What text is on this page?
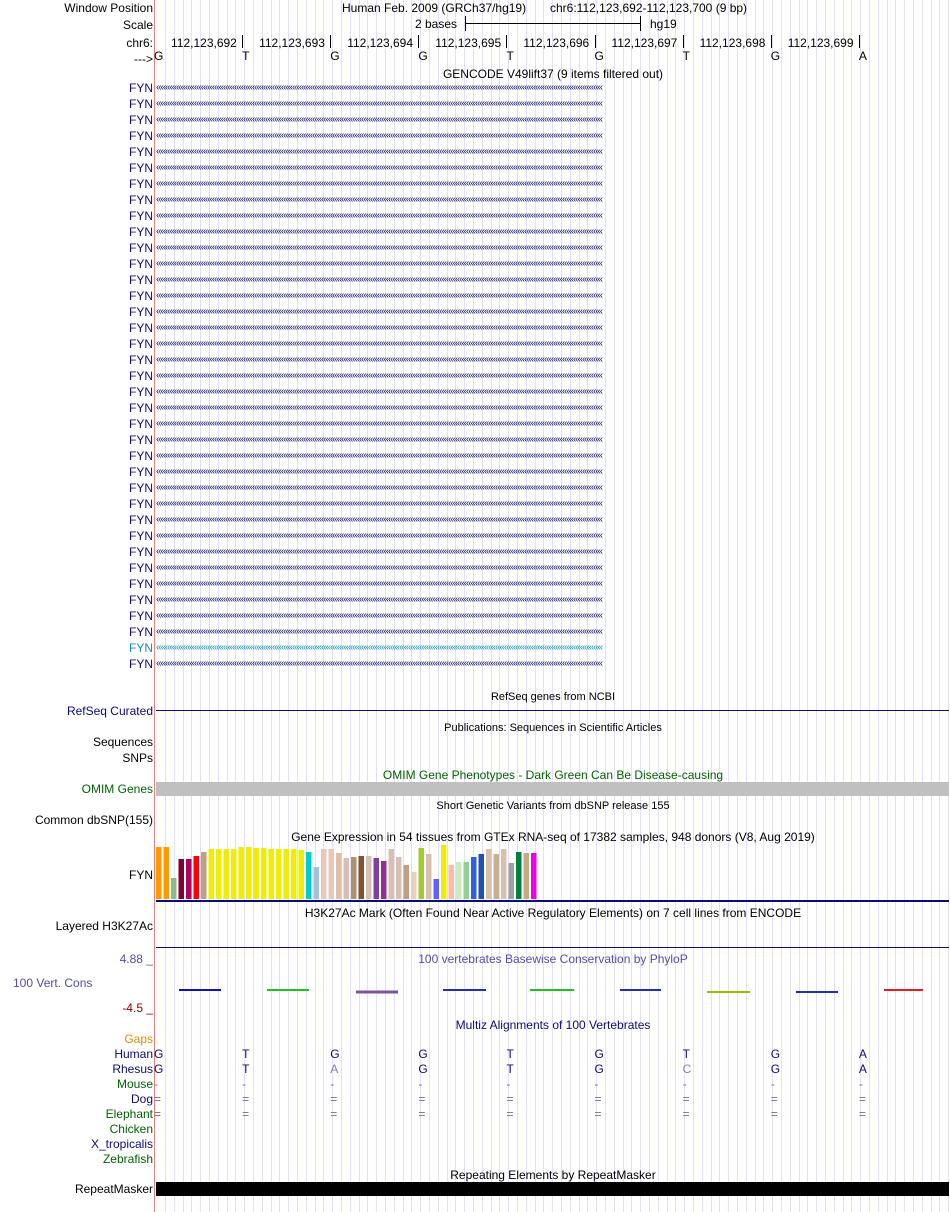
Window Position	Human Feb. 2009 (GRCh37/hg19) chr6:112,123,692-112,123,700 (9 bp)
Scale	2 bases	hg19
chr6: 112,123,692 112,123,693 112,123,694 112,123,695 112,123,696 112,123,697 112,123,698 112,123,699
---> G	T	G	G	T	G	T	G	A
GENCODE V49lift37 (9 items filtered out)
FYN ‹‹‹‹‹‹‹‹‹‹‹‹‹‹‹‹‹‹‹‹‹‹‹‹‹‹‹‹‹‹‹‹‹‹‹‹‹‹‹‹‹‹‹‹‹‹‹‹‹‹‹‹‹‹‹‹‹‹‹‹‹‹‹‹‹‹‹‹‹‹‹‹‹‹‹‹‹‹‹‹‹‹‹‹‹‹‹‹‹‹‹‹‹‹‹‹‹‹‹‹‹‹‹‹‹‹‹‹‹‹‹‹‹‹‹‹‹‹‹‹‹‹‹‹‹‹‹‹‹‹‹‹‹‹‹‹‹‹‹‹‹‹‹‹‹‹‹‹‹‹‹‹‹‹‹‹‹‹‹‹‹‹‹‹‹‹‹‹‹‹‹‹‹‹‹‹‹‹‹‹‹‹‹‹‹‹‹‹‹‹‹‹‹‹‹‹‹‹‹‹
FYN ‹‹‹‹‹‹‹‹‹‹‹‹‹‹‹‹‹‹‹‹‹‹‹‹‹‹‹‹‹‹‹‹‹‹‹‹‹‹‹‹‹‹‹‹‹‹‹‹‹‹‹‹‹‹‹‹‹‹‹‹‹‹‹‹‹‹‹‹‹‹‹‹‹‹‹‹‹‹‹‹‹‹‹‹‹‹‹‹‹‹‹‹‹‹‹‹‹‹‹‹‹‹‹‹‹‹‹‹‹‹‹‹‹‹‹‹‹‹‹‹‹‹‹‹‹‹‹‹‹‹‹‹‹‹‹‹‹‹‹‹‹‹‹‹‹‹‹‹‹‹‹‹‹‹‹‹‹‹‹‹‹‹‹‹‹‹‹‹‹‹‹‹‹‹‹‹‹‹‹‹‹‹‹‹‹‹‹‹‹‹‹‹‹‹‹‹‹‹‹‹
FYN ‹‹‹‹‹‹‹‹‹‹‹‹‹‹‹‹‹‹‹‹‹‹‹‹‹‹‹‹‹‹‹‹‹‹‹‹‹‹‹‹‹‹‹‹‹‹‹‹‹‹‹‹‹‹‹‹‹‹‹‹‹‹‹‹‹‹‹‹‹‹‹‹‹‹‹‹‹‹‹‹‹‹‹‹‹‹‹‹‹‹‹‹‹‹‹‹‹‹‹‹‹‹‹‹‹‹‹‹‹‹‹‹‹‹‹‹‹‹‹‹‹‹‹‹‹‹‹‹‹‹‹‹‹‹‹‹‹‹‹‹‹‹‹‹‹‹‹‹‹‹‹‹‹‹‹‹‹‹‹‹‹‹‹‹‹‹‹‹‹‹‹‹‹‹‹‹‹‹‹‹‹‹‹‹‹‹‹‹‹‹‹‹‹‹‹‹‹‹‹‹
FYN ‹‹‹‹‹‹‹‹‹‹‹‹‹‹‹‹‹‹‹‹‹‹‹‹‹‹‹‹‹‹‹‹‹‹‹‹‹‹‹‹‹‹‹‹‹‹‹‹‹‹‹‹‹‹‹‹‹‹‹‹‹‹‹‹‹‹‹‹‹‹‹‹‹‹‹‹‹‹‹‹‹‹‹‹‹‹‹‹‹‹‹‹‹‹‹‹‹‹‹‹‹‹‹‹‹‹‹‹‹‹‹‹‹‹‹‹‹‹‹‹‹‹‹‹‹‹‹‹‹‹‹‹‹‹‹‹‹‹‹‹‹‹‹‹‹‹‹‹‹‹‹‹‹‹‹‹‹‹‹‹‹‹‹‹‹‹‹‹‹‹‹‹‹‹‹‹‹‹‹‹‹‹‹‹‹‹‹‹‹‹‹‹‹‹‹‹‹‹‹‹
FYN ‹‹‹‹‹‹‹‹‹‹‹‹‹‹‹‹‹‹‹‹‹‹‹‹‹‹‹‹‹‹‹‹‹‹‹‹‹‹‹‹‹‹‹‹‹‹‹‹‹‹‹‹‹‹‹‹‹‹‹‹‹‹‹‹‹‹‹‹‹‹‹‹‹‹‹‹‹‹‹‹‹‹‹‹‹‹‹‹‹‹‹‹‹‹‹‹‹‹‹‹‹‹‹‹‹‹‹‹‹‹‹‹‹‹‹‹‹‹‹‹‹‹‹‹‹‹‹‹‹‹‹‹‹‹‹‹‹‹‹‹‹‹‹‹‹‹‹‹‹‹‹‹‹‹‹‹‹‹‹‹‹‹‹‹‹‹‹‹‹‹‹‹‹‹‹‹‹‹‹‹‹‹‹‹‹‹‹‹‹‹‹‹‹‹‹‹‹‹‹‹
FYN ‹‹‹‹‹‹‹‹‹‹‹‹‹‹‹‹‹‹‹‹‹‹‹‹‹‹‹‹‹‹‹‹‹‹‹‹‹‹‹‹‹‹‹‹‹‹‹‹‹‹‹‹‹‹‹‹‹‹‹‹‹‹‹‹‹‹‹‹‹‹‹‹‹‹‹‹‹‹‹‹‹‹‹‹‹‹‹‹‹‹‹‹‹‹‹‹‹‹‹‹‹‹‹‹‹‹‹‹‹‹‹‹‹‹‹‹‹‹‹‹‹‹‹‹‹‹‹‹‹‹‹‹‹‹‹‹‹‹‹‹‹‹‹‹‹‹‹‹‹‹‹‹‹‹‹‹‹‹‹‹‹‹‹‹‹‹‹‹‹‹‹‹‹‹‹‹‹‹‹‹‹‹‹‹‹‹‹‹‹‹‹‹‹‹‹‹‹‹‹‹
FYN ‹‹‹‹‹‹‹‹‹‹‹‹‹‹‹‹‹‹‹‹‹‹‹‹‹‹‹‹‹‹‹‹‹‹‹‹‹‹‹‹‹‹‹‹‹‹‹‹‹‹‹‹‹‹‹‹‹‹‹‹‹‹‹‹‹‹‹‹‹‹‹‹‹‹‹‹‹‹‹‹‹‹‹‹‹‹‹‹‹‹‹‹‹‹‹‹‹‹‹‹‹‹‹‹‹‹‹‹‹‹‹‹‹‹‹‹‹‹‹‹‹‹‹‹‹‹‹‹‹‹‹‹‹‹‹‹‹‹‹‹‹‹‹‹‹‹‹‹‹‹‹‹‹‹‹‹‹‹‹‹‹‹‹‹‹‹‹‹‹‹‹‹‹‹‹‹‹‹‹‹‹‹‹‹‹‹‹‹‹‹‹‹‹‹‹‹‹‹‹‹
FYN ‹‹‹‹‹‹‹‹‹‹‹‹‹‹‹‹‹‹‹‹‹‹‹‹‹‹‹‹‹‹‹‹‹‹‹‹‹‹‹‹‹‹‹‹‹‹‹‹‹‹‹‹‹‹‹‹‹‹‹‹‹‹‹‹‹‹‹‹‹‹‹‹‹‹‹‹‹‹‹‹‹‹‹‹‹‹‹‹‹‹‹‹‹‹‹‹‹‹‹‹‹‹‹‹‹‹‹‹‹‹‹‹‹‹‹‹‹‹‹‹‹‹‹‹‹‹‹‹‹‹‹‹‹‹‹‹‹‹‹‹‹‹‹‹‹‹‹‹‹‹‹‹‹‹‹‹‹‹‹‹‹‹‹‹‹‹‹‹‹‹‹‹‹‹‹‹‹‹‹‹‹‹‹‹‹‹‹‹‹‹‹‹‹‹‹‹‹‹‹‹
FYN ‹‹‹‹‹‹‹‹‹‹‹‹‹‹‹‹‹‹‹‹‹‹‹‹‹‹‹‹‹‹‹‹‹‹‹‹‹‹‹‹‹‹‹‹‹‹‹‹‹‹‹‹‹‹‹‹‹‹‹‹‹‹‹‹‹‹‹‹‹‹‹‹‹‹‹‹‹‹‹‹‹‹‹‹‹‹‹‹‹‹‹‹‹‹‹‹‹‹‹‹‹‹‹‹‹‹‹‹‹‹‹‹‹‹‹‹‹‹‹‹‹‹‹‹‹‹‹‹‹‹‹‹‹‹‹‹‹‹‹‹‹‹‹‹‹‹‹‹‹‹‹‹‹‹‹‹‹‹‹‹‹‹‹‹‹‹‹‹‹‹‹‹‹‹‹‹‹‹‹‹‹‹‹‹‹‹‹‹‹‹‹‹‹‹‹‹‹‹‹‹
FYN ‹‹‹‹‹‹‹‹‹‹‹‹‹‹‹‹‹‹‹‹‹‹‹‹‹‹‹‹‹‹‹‹‹‹‹‹‹‹‹‹‹‹‹‹‹‹‹‹‹‹‹‹‹‹‹‹‹‹‹‹‹‹‹‹‹‹‹‹‹‹‹‹‹‹‹‹‹‹‹‹‹‹‹‹‹‹‹‹‹‹‹‹‹‹‹‹‹‹‹‹‹‹‹‹‹‹‹‹‹‹‹‹‹‹‹‹‹‹‹‹‹‹‹‹‹‹‹‹‹‹‹‹‹‹‹‹‹‹‹‹‹‹‹‹‹‹‹‹‹‹‹‹‹‹‹‹‹‹‹‹‹‹‹‹‹‹‹‹‹‹‹‹‹‹‹‹‹‹‹‹‹‹‹‹‹‹‹‹‹‹‹‹‹‹‹‹‹‹‹‹
FYN ‹‹‹‹‹‹‹‹‹‹‹‹‹‹‹‹‹‹‹‹‹‹‹‹‹‹‹‹‹‹‹‹‹‹‹‹‹‹‹‹‹‹‹‹‹‹‹‹‹‹‹‹‹‹‹‹‹‹‹‹‹‹‹‹‹‹‹‹‹‹‹‹‹‹‹‹‹‹‹‹‹‹‹‹‹‹‹‹‹‹‹‹‹‹‹‹‹‹‹‹‹‹‹‹‹‹‹‹‹‹‹‹‹‹‹‹‹‹‹‹‹‹‹‹‹‹‹‹‹‹‹‹‹‹‹‹‹‹‹‹‹‹‹‹‹‹‹‹‹‹‹‹‹‹‹‹‹‹‹‹‹‹‹‹‹‹‹‹‹‹‹‹‹‹‹‹‹‹‹‹‹‹‹‹‹‹‹‹‹‹‹‹‹‹‹‹‹‹‹‹
FYN ‹‹‹‹‹‹‹‹‹‹‹‹‹‹‹‹‹‹‹‹‹‹‹‹‹‹‹‹‹‹‹‹‹‹‹‹‹‹‹‹‹‹‹‹‹‹‹‹‹‹‹‹‹‹‹‹‹‹‹‹‹‹‹‹‹‹‹‹‹‹‹‹‹‹‹‹‹‹‹‹‹‹‹‹‹‹‹‹‹‹‹‹‹‹‹‹‹‹‹‹‹‹‹‹‹‹‹‹‹‹‹‹‹‹‹‹‹‹‹‹‹‹‹‹‹‹‹‹‹‹‹‹‹‹‹‹‹‹‹‹‹‹‹‹‹‹‹‹‹‹‹‹‹‹‹‹‹‹‹‹‹‹‹‹‹‹‹‹‹‹‹‹‹‹‹‹‹‹‹‹‹‹‹‹‹‹‹‹‹‹‹‹‹‹‹‹‹‹‹‹
FYN ‹‹‹‹‹‹‹‹‹‹‹‹‹‹‹‹‹‹‹‹‹‹‹‹‹‹‹‹‹‹‹‹‹‹‹‹‹‹‹‹‹‹‹‹‹‹‹‹‹‹‹‹‹‹‹‹‹‹‹‹‹‹‹‹‹‹‹‹‹‹‹‹‹‹‹‹‹‹‹‹‹‹‹‹‹‹‹‹‹‹‹‹‹‹‹‹‹‹‹‹‹‹‹‹‹‹‹‹‹‹‹‹‹‹‹‹‹‹‹‹‹‹‹‹‹‹‹‹‹‹‹‹‹‹‹‹‹‹‹‹‹‹‹‹‹‹‹‹‹‹‹‹‹‹‹‹‹‹‹‹‹‹‹‹‹‹‹‹‹‹‹‹‹‹‹‹‹‹‹‹‹‹‹‹‹‹‹‹‹‹‹‹‹‹‹‹‹‹‹‹
FYN ‹‹‹‹‹‹‹‹‹‹‹‹‹‹‹‹‹‹‹‹‹‹‹‹‹‹‹‹‹‹‹‹‹‹‹‹‹‹‹‹‹‹‹‹‹‹‹‹‹‹‹‹‹‹‹‹‹‹‹‹‹‹‹‹‹‹‹‹‹‹‹‹‹‹‹‹‹‹‹‹‹‹‹‹‹‹‹‹‹‹‹‹‹‹‹‹‹‹‹‹‹‹‹‹‹‹‹‹‹‹‹‹‹‹‹‹‹‹‹‹‹‹‹‹‹‹‹‹‹‹‹‹‹‹‹‹‹‹‹‹‹‹‹‹‹‹‹‹‹‹‹‹‹‹‹‹‹‹‹‹‹‹‹‹‹‹‹‹‹‹‹‹‹‹‹‹‹‹‹‹‹‹‹‹‹‹‹‹‹‹‹‹‹‹‹‹‹‹‹‹
FYN ‹‹‹‹‹‹‹‹‹‹‹‹‹‹‹‹‹‹‹‹‹‹‹‹‹‹‹‹‹‹‹‹‹‹‹‹‹‹‹‹‹‹‹‹‹‹‹‹‹‹‹‹‹‹‹‹‹‹‹‹‹‹‹‹‹‹‹‹‹‹‹‹‹‹‹‹‹‹‹‹‹‹‹‹‹‹‹‹‹‹‹‹‹‹‹‹‹‹‹‹‹‹‹‹‹‹‹‹‹‹‹‹‹‹‹‹‹‹‹‹‹‹‹‹‹‹‹‹‹‹‹‹‹‹‹‹‹‹‹‹‹‹‹‹‹‹‹‹‹‹‹‹‹‹‹‹‹‹‹‹‹‹‹‹‹‹‹‹‹‹‹‹‹‹‹‹‹‹‹‹‹‹‹‹‹‹‹‹‹‹‹‹‹‹‹‹‹‹‹‹
FYN ‹‹‹‹‹‹‹‹‹‹‹‹‹‹‹‹‹‹‹‹‹‹‹‹‹‹‹‹‹‹‹‹‹‹‹‹‹‹‹‹‹‹‹‹‹‹‹‹‹‹‹‹‹‹‹‹‹‹‹‹‹‹‹‹‹‹‹‹‹‹‹‹‹‹‹‹‹‹‹‹‹‹‹‹‹‹‹‹‹‹‹‹‹‹‹‹‹‹‹‹‹‹‹‹‹‹‹‹‹‹‹‹‹‹‹‹‹‹‹‹‹‹‹‹‹‹‹‹‹‹‹‹‹‹‹‹‹‹‹‹‹‹‹‹‹‹‹‹‹‹‹‹‹‹‹‹‹‹‹‹‹‹‹‹‹‹‹‹‹‹‹‹‹‹‹‹‹‹‹‹‹‹‹‹‹‹‹‹‹‹‹‹‹‹‹‹‹‹‹‹
FYN ‹‹‹‹‹‹‹‹‹‹‹‹‹‹‹‹‹‹‹‹‹‹‹‹‹‹‹‹‹‹‹‹‹‹‹‹‹‹‹‹‹‹‹‹‹‹‹‹‹‹‹‹‹‹‹‹‹‹‹‹‹‹‹‹‹‹‹‹‹‹‹‹‹‹‹‹‹‹‹‹‹‹‹‹‹‹‹‹‹‹‹‹‹‹‹‹‹‹‹‹‹‹‹‹‹‹‹‹‹‹‹‹‹‹‹‹‹‹‹‹‹‹‹‹‹‹‹‹‹‹‹‹‹‹‹‹‹‹‹‹‹‹‹‹‹‹‹‹‹‹‹‹‹‹‹‹‹‹‹‹‹‹‹‹‹‹‹‹‹‹‹‹‹‹‹‹‹‹‹‹‹‹‹‹‹‹‹‹‹‹‹‹‹‹‹‹‹‹‹‹
FYN ‹‹‹‹‹‹‹‹‹‹‹‹‹‹‹‹‹‹‹‹‹‹‹‹‹‹‹‹‹‹‹‹‹‹‹‹‹‹‹‹‹‹‹‹‹‹‹‹‹‹‹‹‹‹‹‹‹‹‹‹‹‹‹‹‹‹‹‹‹‹‹‹‹‹‹‹‹‹‹‹‹‹‹‹‹‹‹‹‹‹‹‹‹‹‹‹‹‹‹‹‹‹‹‹‹‹‹‹‹‹‹‹‹‹‹‹‹‹‹‹‹‹‹‹‹‹‹‹‹‹‹‹‹‹‹‹‹‹‹‹‹‹‹‹‹‹‹‹‹‹‹‹‹‹‹‹‹‹‹‹‹‹‹‹‹‹‹‹‹‹‹‹‹‹‹‹‹‹‹‹‹‹‹‹‹‹‹‹‹‹‹‹‹‹‹‹‹‹‹‹
FYN ‹‹‹‹‹‹‹‹‹‹‹‹‹‹‹‹‹‹‹‹‹‹‹‹‹‹‹‹‹‹‹‹‹‹‹‹‹‹‹‹‹‹‹‹‹‹‹‹‹‹‹‹‹‹‹‹‹‹‹‹‹‹‹‹‹‹‹‹‹‹‹‹‹‹‹‹‹‹‹‹‹‹‹‹‹‹‹‹‹‹‹‹‹‹‹‹‹‹‹‹‹‹‹‹‹‹‹‹‹‹‹‹‹‹‹‹‹‹‹‹‹‹‹‹‹‹‹‹‹‹‹‹‹‹‹‹‹‹‹‹‹‹‹‹‹‹‹‹‹‹‹‹‹‹‹‹‹‹‹‹‹‹‹‹‹‹‹‹‹‹‹‹‹‹‹‹‹‹‹‹‹‹‹‹‹‹‹‹‹‹‹‹‹‹‹‹‹‹‹‹
FYN ‹‹‹‹‹‹‹‹‹‹‹‹‹‹‹‹‹‹‹‹‹‹‹‹‹‹‹‹‹‹‹‹‹‹‹‹‹‹‹‹‹‹‹‹‹‹‹‹‹‹‹‹‹‹‹‹‹‹‹‹‹‹‹‹‹‹‹‹‹‹‹‹‹‹‹‹‹‹‹‹‹‹‹‹‹‹‹‹‹‹‹‹‹‹‹‹‹‹‹‹‹‹‹‹‹‹‹‹‹‹‹‹‹‹‹‹‹‹‹‹‹‹‹‹‹‹‹‹‹‹‹‹‹‹‹‹‹‹‹‹‹‹‹‹‹‹‹‹‹‹‹‹‹‹‹‹‹‹‹‹‹‹‹‹‹‹‹‹‹‹‹‹‹‹‹‹‹‹‹‹‹‹‹‹‹‹‹‹‹‹‹‹‹‹‹‹‹‹‹‹
FYN ‹‹‹‹‹‹‹‹‹‹‹‹‹‹‹‹‹‹‹‹‹‹‹‹‹‹‹‹‹‹‹‹‹‹‹‹‹‹‹‹‹‹‹‹‹‹‹‹‹‹‹‹‹‹‹‹‹‹‹‹‹‹‹‹‹‹‹‹‹‹‹‹‹‹‹‹‹‹‹‹‹‹‹‹‹‹‹‹‹‹‹‹‹‹‹‹‹‹‹‹‹‹‹‹‹‹‹‹‹‹‹‹‹‹‹‹‹‹‹‹‹‹‹‹‹‹‹‹‹‹‹‹‹‹‹‹‹‹‹‹‹‹‹‹‹‹‹‹‹‹‹‹‹‹‹‹‹‹‹‹‹‹‹‹‹‹‹‹‹‹‹‹‹‹‹‹‹‹‹‹‹‹‹‹‹‹‹‹‹‹‹‹‹‹‹‹‹‹‹‹
FYN ‹‹‹‹‹‹‹‹‹‹‹‹‹‹‹‹‹‹‹‹‹‹‹‹‹‹‹‹‹‹‹‹‹‹‹‹‹‹‹‹‹‹‹‹‹‹‹‹‹‹‹‹‹‹‹‹‹‹‹‹‹‹‹‹‹‹‹‹‹‹‹‹‹‹‹‹‹‹‹‹‹‹‹‹‹‹‹‹‹‹‹‹‹‹‹‹‹‹‹‹‹‹‹‹‹‹‹‹‹‹‹‹‹‹‹‹‹‹‹‹‹‹‹‹‹‹‹‹‹‹‹‹‹‹‹‹‹‹‹‹‹‹‹‹‹‹‹‹‹‹‹‹‹‹‹‹‹‹‹‹‹‹‹‹‹‹‹‹‹‹‹‹‹‹‹‹‹‹‹‹‹‹‹‹‹‹‹‹‹‹‹‹‹‹‹‹‹‹‹‹
FYN ‹‹‹‹‹‹‹‹‹‹‹‹‹‹‹‹‹‹‹‹‹‹‹‹‹‹‹‹‹‹‹‹‹‹‹‹‹‹‹‹‹‹‹‹‹‹‹‹‹‹‹‹‹‹‹‹‹‹‹‹‹‹‹‹‹‹‹‹‹‹‹‹‹‹‹‹‹‹‹‹‹‹‹‹‹‹‹‹‹‹‹‹‹‹‹‹‹‹‹‹‹‹‹‹‹‹‹‹‹‹‹‹‹‹‹‹‹‹‹‹‹‹‹‹‹‹‹‹‹‹‹‹‹‹‹‹‹‹‹‹‹‹‹‹‹‹‹‹‹‹‹‹‹‹‹‹‹‹‹‹‹‹‹‹‹‹‹‹‹‹‹‹‹‹‹‹‹‹‹‹‹‹‹‹‹‹‹‹‹‹‹‹‹‹‹‹‹‹‹‹
FYN ‹‹‹‹‹‹‹‹‹‹‹‹‹‹‹‹‹‹‹‹‹‹‹‹‹‹‹‹‹‹‹‹‹‹‹‹‹‹‹‹‹‹‹‹‹‹‹‹‹‹‹‹‹‹‹‹‹‹‹‹‹‹‹‹‹‹‹‹‹‹‹‹‹‹‹‹‹‹‹‹‹‹‹‹‹‹‹‹‹‹‹‹‹‹‹‹‹‹‹‹‹‹‹‹‹‹‹‹‹‹‹‹‹‹‹‹‹‹‹‹‹‹‹‹‹‹‹‹‹‹‹‹‹‹‹‹‹‹‹‹‹‹‹‹‹‹‹‹‹‹‹‹‹‹‹‹‹‹‹‹‹‹‹‹‹‹‹‹‹‹‹‹‹‹‹‹‹‹‹‹‹‹‹‹‹‹‹‹‹‹‹‹‹‹‹‹‹‹‹‹
FYN ‹‹‹‹‹‹‹‹‹‹‹‹‹‹‹‹‹‹‹‹‹‹‹‹‹‹‹‹‹‹‹‹‹‹‹‹‹‹‹‹‹‹‹‹‹‹‹‹‹‹‹‹‹‹‹‹‹‹‹‹‹‹‹‹‹‹‹‹‹‹‹‹‹‹‹‹‹‹‹‹‹‹‹‹‹‹‹‹‹‹‹‹‹‹‹‹‹‹‹‹‹‹‹‹‹‹‹‹‹‹‹‹‹‹‹‹‹‹‹‹‹‹‹‹‹‹‹‹‹‹‹‹‹‹‹‹‹‹‹‹‹‹‹‹‹‹‹‹‹‹‹‹‹‹‹‹‹‹‹‹‹‹‹‹‹‹‹‹‹‹‹‹‹‹‹‹‹‹‹‹‹‹‹‹‹‹‹‹‹‹‹‹‹‹‹‹‹‹‹‹
FYN ‹‹‹‹‹‹‹‹‹‹‹‹‹‹‹‹‹‹‹‹‹‹‹‹‹‹‹‹‹‹‹‹‹‹‹‹‹‹‹‹‹‹‹‹‹‹‹‹‹‹‹‹‹‹‹‹‹‹‹‹‹‹‹‹‹‹‹‹‹‹‹‹‹‹‹‹‹‹‹‹‹‹‹‹‹‹‹‹‹‹‹‹‹‹‹‹‹‹‹‹‹‹‹‹‹‹‹‹‹‹‹‹‹‹‹‹‹‹‹‹‹‹‹‹‹‹‹‹‹‹‹‹‹‹‹‹‹‹‹‹‹‹‹‹‹‹‹‹‹‹‹‹‹‹‹‹‹‹‹‹‹‹‹‹‹‹‹‹‹‹‹‹‹‹‹‹‹‹‹‹‹‹‹‹‹‹‹‹‹‹‹‹‹‹‹‹‹‹‹‹
FYN ‹‹‹‹‹‹‹‹‹‹‹‹‹‹‹‹‹‹‹‹‹‹‹‹‹‹‹‹‹‹‹‹‹‹‹‹‹‹‹‹‹‹‹‹‹‹‹‹‹‹‹‹‹‹‹‹‹‹‹‹‹‹‹‹‹‹‹‹‹‹‹‹‹‹‹‹‹‹‹‹‹‹‹‹‹‹‹‹‹‹‹‹‹‹‹‹‹‹‹‹‹‹‹‹‹‹‹‹‹‹‹‹‹‹‹‹‹‹‹‹‹‹‹‹‹‹‹‹‹‹‹‹‹‹‹‹‹‹‹‹‹‹‹‹‹‹‹‹‹‹‹‹‹‹‹‹‹‹‹‹‹‹‹‹‹‹‹‹‹‹‹‹‹‹‹‹‹‹‹‹‹‹‹‹‹‹‹‹‹‹‹‹‹‹‹‹‹‹‹‹
FYN ‹‹‹‹‹‹‹‹‹‹‹‹‹‹‹‹‹‹‹‹‹‹‹‹‹‹‹‹‹‹‹‹‹‹‹‹‹‹‹‹‹‹‹‹‹‹‹‹‹‹‹‹‹‹‹‹‹‹‹‹‹‹‹‹‹‹‹‹‹‹‹‹‹‹‹‹‹‹‹‹‹‹‹‹‹‹‹‹‹‹‹‹‹‹‹‹‹‹‹‹‹‹‹‹‹‹‹‹‹‹‹‹‹‹‹‹‹‹‹‹‹‹‹‹‹‹‹‹‹‹‹‹‹‹‹‹‹‹‹‹‹‹‹‹‹‹‹‹‹‹‹‹‹‹‹‹‹‹‹‹‹‹‹‹‹‹‹‹‹‹‹‹‹‹‹‹‹‹‹‹‹‹‹‹‹‹‹‹‹‹‹‹‹‹‹‹‹‹‹‹
FYN ‹‹‹‹‹‹‹‹‹‹‹‹‹‹‹‹‹‹‹‹‹‹‹‹‹‹‹‹‹‹‹‹‹‹‹‹‹‹‹‹‹‹‹‹‹‹‹‹‹‹‹‹‹‹‹‹‹‹‹‹‹‹‹‹‹‹‹‹‹‹‹‹‹‹‹‹‹‹‹‹‹‹‹‹‹‹‹‹‹‹‹‹‹‹‹‹‹‹‹‹‹‹‹‹‹‹‹‹‹‹‹‹‹‹‹‹‹‹‹‹‹‹‹‹‹‹‹‹‹‹‹‹‹‹‹‹‹‹‹‹‹‹‹‹‹‹‹‹‹‹‹‹‹‹‹‹‹‹‹‹‹‹‹‹‹‹‹‹‹‹‹‹‹‹‹‹‹‹‹‹‹‹‹‹‹‹‹‹‹‹‹‹‹‹‹‹‹‹‹‹
FYN ‹‹‹‹‹‹‹‹‹‹‹‹‹‹‹‹‹‹‹‹‹‹‹‹‹‹‹‹‹‹‹‹‹‹‹‹‹‹‹‹‹‹‹‹‹‹‹‹‹‹‹‹‹‹‹‹‹‹‹‹‹‹‹‹‹‹‹‹‹‹‹‹‹‹‹‹‹‹‹‹‹‹‹‹‹‹‹‹‹‹‹‹‹‹‹‹‹‹‹‹‹‹‹‹‹‹‹‹‹‹‹‹‹‹‹‹‹‹‹‹‹‹‹‹‹‹‹‹‹‹‹‹‹‹‹‹‹‹‹‹‹‹‹‹‹‹‹‹‹‹‹‹‹‹‹‹‹‹‹‹‹‹‹‹‹‹‹‹‹‹‹‹‹‹‹‹‹‹‹‹‹‹‹‹‹‹‹‹‹‹‹‹‹‹‹‹‹‹‹‹
FYN ‹‹‹‹‹‹‹‹‹‹‹‹‹‹‹‹‹‹‹‹‹‹‹‹‹‹‹‹‹‹‹‹‹‹‹‹‹‹‹‹‹‹‹‹‹‹‹‹‹‹‹‹‹‹‹‹‹‹‹‹‹‹‹‹‹‹‹‹‹‹‹‹‹‹‹‹‹‹‹‹‹‹‹‹‹‹‹‹‹‹‹‹‹‹‹‹‹‹‹‹‹‹‹‹‹‹‹‹‹‹‹‹‹‹‹‹‹‹‹‹‹‹‹‹‹‹‹‹‹‹‹‹‹‹‹‹‹‹‹‹‹‹‹‹‹‹‹‹‹‹‹‹‹‹‹‹‹‹‹‹‹‹‹‹‹‹‹‹‹‹‹‹‹‹‹‹‹‹‹‹‹‹‹‹‹‹‹‹‹‹‹‹‹‹‹‹‹‹‹‹
FYN ‹‹‹‹‹‹‹‹‹‹‹‹‹‹‹‹‹‹‹‹‹‹‹‹‹‹‹‹‹‹‹‹‹‹‹‹‹‹‹‹‹‹‹‹‹‹‹‹‹‹‹‹‹‹‹‹‹‹‹‹‹‹‹‹‹‹‹‹‹‹‹‹‹‹‹‹‹‹‹‹‹‹‹‹‹‹‹‹‹‹‹‹‹‹‹‹‹‹‹‹‹‹‹‹‹‹‹‹‹‹‹‹‹‹‹‹‹‹‹‹‹‹‹‹‹‹‹‹‹‹‹‹‹‹‹‹‹‹‹‹‹‹‹‹‹‹‹‹‹‹‹‹‹‹‹‹‹‹‹‹‹‹‹‹‹‹‹‹‹‹‹‹‹‹‹‹‹‹‹‹‹‹‹‹‹‹‹‹‹‹‹‹‹‹‹‹‹‹‹‹
FYN ‹‹‹‹‹‹‹‹‹‹‹‹‹‹‹‹‹‹‹‹‹‹‹‹‹‹‹‹‹‹‹‹‹‹‹‹‹‹‹‹‹‹‹‹‹‹‹‹‹‹‹‹‹‹‹‹‹‹‹‹‹‹‹‹‹‹‹‹‹‹‹‹‹‹‹‹‹‹‹‹‹‹‹‹‹‹‹‹‹‹‹‹‹‹‹‹‹‹‹‹‹‹‹‹‹‹‹‹‹‹‹‹‹‹‹‹‹‹‹‹‹‹‹‹‹‹‹‹‹‹‹‹‹‹‹‹‹‹‹‹‹‹‹‹‹‹‹‹‹‹‹‹‹‹‹‹‹‹‹‹‹‹‹‹‹‹‹‹‹‹‹‹‹‹‹‹‹‹‹‹‹‹‹‹‹‹‹‹‹‹‹‹‹‹‹‹‹‹‹‹
FYN ‹‹‹‹‹‹‹‹‹‹‹‹‹‹‹‹‹‹‹‹‹‹‹‹‹‹‹‹‹‹‹‹‹‹‹‹‹‹‹‹‹‹‹‹‹‹‹‹‹‹‹‹‹‹‹‹‹‹‹‹‹‹‹‹‹‹‹‹‹‹‹‹‹‹‹‹‹‹‹‹‹‹‹‹‹‹‹‹‹‹‹‹‹‹‹‹‹‹‹‹‹‹‹‹‹‹‹‹‹‹‹‹‹‹‹‹‹‹‹‹‹‹‹‹‹‹‹‹‹‹‹‹‹‹‹‹‹‹‹‹‹‹‹‹‹‹‹‹‹‹‹‹‹‹‹‹‹‹‹‹‹‹‹‹‹‹‹‹‹‹‹‹‹‹‹‹‹‹‹‹‹‹‹‹‹‹‹‹‹‹‹‹‹‹‹‹‹‹‹‹
FYN ‹‹‹‹‹‹‹‹‹‹‹‹‹‹‹‹‹‹‹‹‹‹‹‹‹‹‹‹‹‹‹‹‹‹‹‹‹‹‹‹‹‹‹‹‹‹‹‹‹‹‹‹‹‹‹‹‹‹‹‹‹‹‹‹‹‹‹‹‹‹‹‹‹‹‹‹‹‹‹‹‹‹‹‹‹‹‹‹‹‹‹‹‹‹‹‹‹‹‹‹‹‹‹‹‹‹‹‹‹‹‹‹‹‹‹‹‹‹‹‹‹‹‹‹‹‹‹‹‹‹‹‹‹‹‹‹‹‹‹‹‹‹‹‹‹‹‹‹‹‹‹‹‹‹‹‹‹‹‹‹‹‹‹‹‹‹‹‹‹‹‹‹‹‹‹‹‹‹‹‹‹‹‹‹‹‹‹‹‹‹‹‹‹‹‹‹‹‹‹‹
FYN ‹‹‹‹‹‹‹‹‹‹‹‹‹‹‹‹‹‹‹‹‹‹‹‹‹‹‹‹‹‹‹‹‹‹‹‹‹‹‹‹‹‹‹‹‹‹‹‹‹‹‹‹‹‹‹‹‹‹‹‹‹‹‹‹‹‹‹‹‹‹‹‹‹‹‹‹‹‹‹‹‹‹‹‹‹‹‹‹‹‹‹‹‹‹‹‹‹‹‹‹‹‹‹‹‹‹‹‹‹‹‹‹‹‹‹‹‹‹‹‹‹‹‹‹‹‹‹‹‹‹‹‹‹‹‹‹‹‹‹‹‹‹‹‹‹‹‹‹‹‹‹‹‹‹‹‹‹‹‹‹‹‹‹‹‹‹‹‹‹‹‹‹‹‹‹‹‹‹‹‹‹‹‹‹‹‹‹‹‹‹‹‹‹‹‹‹‹‹‹‹
FYN ‹‹‹‹‹‹‹‹‹‹‹‹‹‹‹‹‹‹‹‹‹‹‹‹‹‹‹‹‹‹‹‹‹‹‹‹‹‹‹‹‹‹‹‹‹‹‹‹‹‹‹‹‹‹‹‹‹‹‹‹‹‹‹‹‹‹‹‹‹‹‹‹‹‹‹‹‹‹‹‹‹‹‹‹‹‹‹‹‹‹‹‹‹‹‹‹‹‹‹‹‹‹‹‹‹‹‹‹‹‹‹‹‹‹‹‹‹‹‹‹‹‹‹‹‹‹‹‹‹‹‹‹‹‹‹‹‹‹‹‹‹‹‹‹‹‹‹‹‹‹‹‹‹‹‹‹‹‹‹‹‹‹‹‹‹‹‹‹‹‹‹‹‹‹‹‹‹‹‹‹‹‹‹‹‹‹‹‹‹‹‹‹‹‹‹‹‹‹‹‹
RefSeq genes from NCBI
RefSeq Curated
Publications: Sequences in Scientific Articles
Sequences
SNPs
OMIM Gene Phenotypes - Dark Green Can Be Disease-causing
OMIM Genes
Short Genetic Variants from dbSNP release 155
Common dbSNP(155)
Gene Expression in 54 tissues from GTEx RNA-seq of 17382 samples, 948 donors (V8, Aug 2019)
FYN
H3K27Ac Mark (Often Found Near Active Regulatory Elements) on 7 cell lines from ENCODE
Layered H3K27Ac
100 vertebrates Basewise Conservation by PhyloP
4.88 _
100 Vert. Cons
-4.5 _
Multiz Alignments of 100 Vertebrates
Gaps
Human G	T	G	G	T	G	T	G	A
Rhesus G	T	A	G	T	G	C	G	A
Mouse -	-	-	-	-	-	-	-	-
Dog =	=	=	=	=	=	=	=	=
Elephant =	=	=	=	=	=	=	=	=
Chicken
X_tropicalis
Zebrafish
Repeating Elements by RepeatMasker
RepeatMasker
